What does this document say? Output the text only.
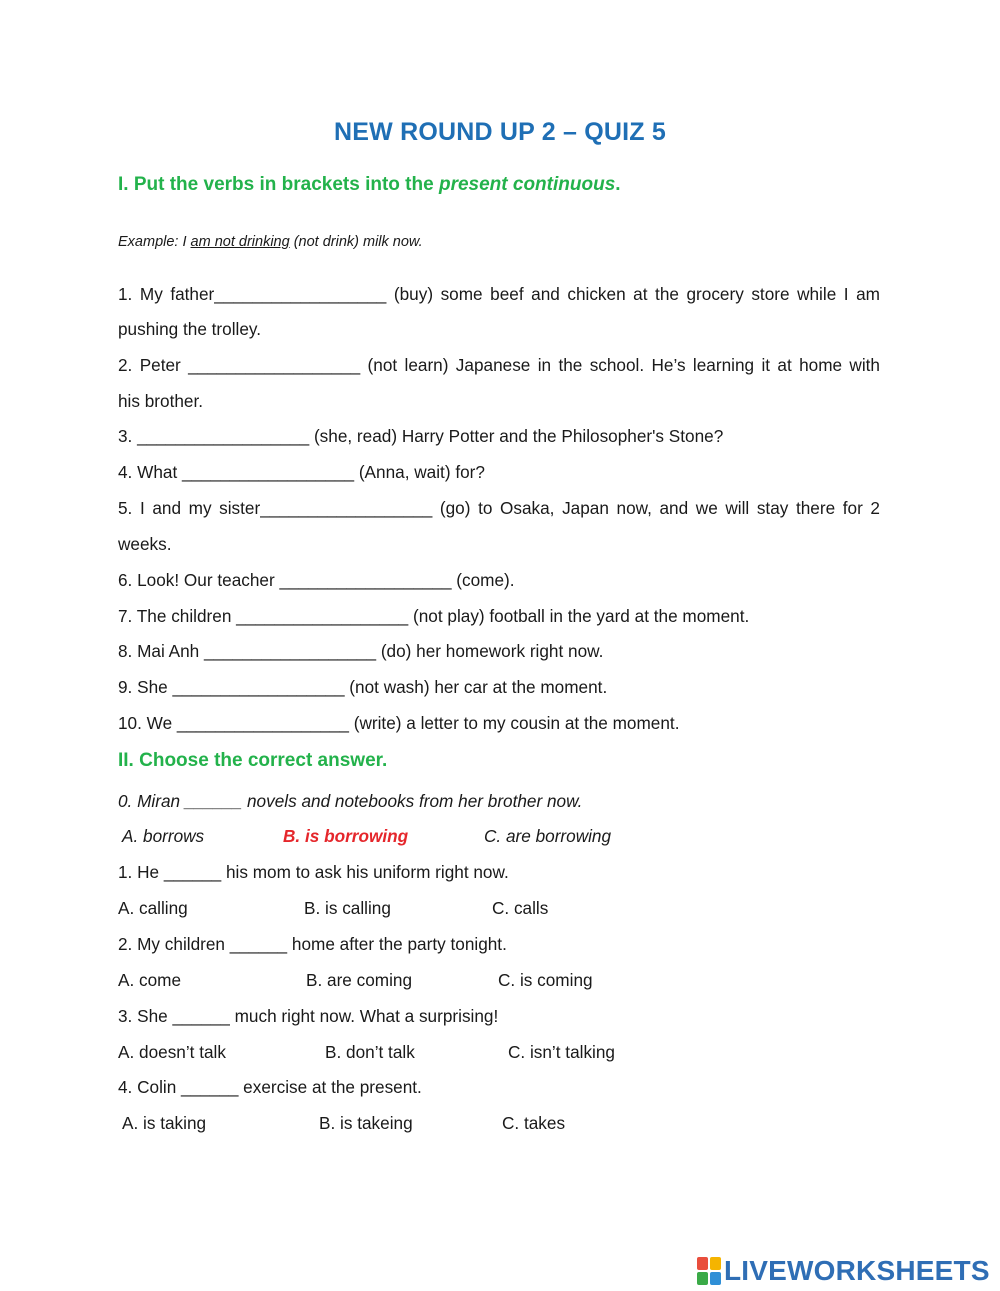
NEW ROUND UP 2 – QUIZ 5
I. Put the verbs in brackets into the present continuous.
Example: I am not drinking (not drink) milk now.
1. My father__________________ (buy) some beef and chicken at the grocery store while I am
pushing the trolley.
2. Peter __________________ (not learn) Japanese in the school. He’s learning it at home with
his brother.
3. __________________ (she, read) Harry Potter and the Philosopher's Stone?
4. What __________________ (Anna, wait) for?
5. I and my sister__________________ (go) to Osaka, Japan now, and we will stay there for 2
weeks.
6. Look! Our teacher __________________ (come).
7. The children __________________ (not play) football in the yard at the moment.
8. Mai Anh __________________ (do) her homework right now.
9. She __________________ (not wash) her car at the moment.
10. We __________________ (write) a letter to my cousin at the moment.
II. Choose the correct answer.
0. Miran ______ novels and notebooks from her brother now.
A. borrows	B. is borrowing	C. are borrowing
1. He ______ his mom to ask his uniform right now.
A. calling	B. is calling	C. calls
2. My children ______ home after the party tonight.
A. come	B. are coming	C. is coming
3. She ______ much right now. What a surprising!
A. doesn’t talk	B. don’t talk	C. isn’t talking
4. Colin ______ exercise at the present.
A. is taking	B. is takeing	C. takes
LIVEWORKSHEETS
